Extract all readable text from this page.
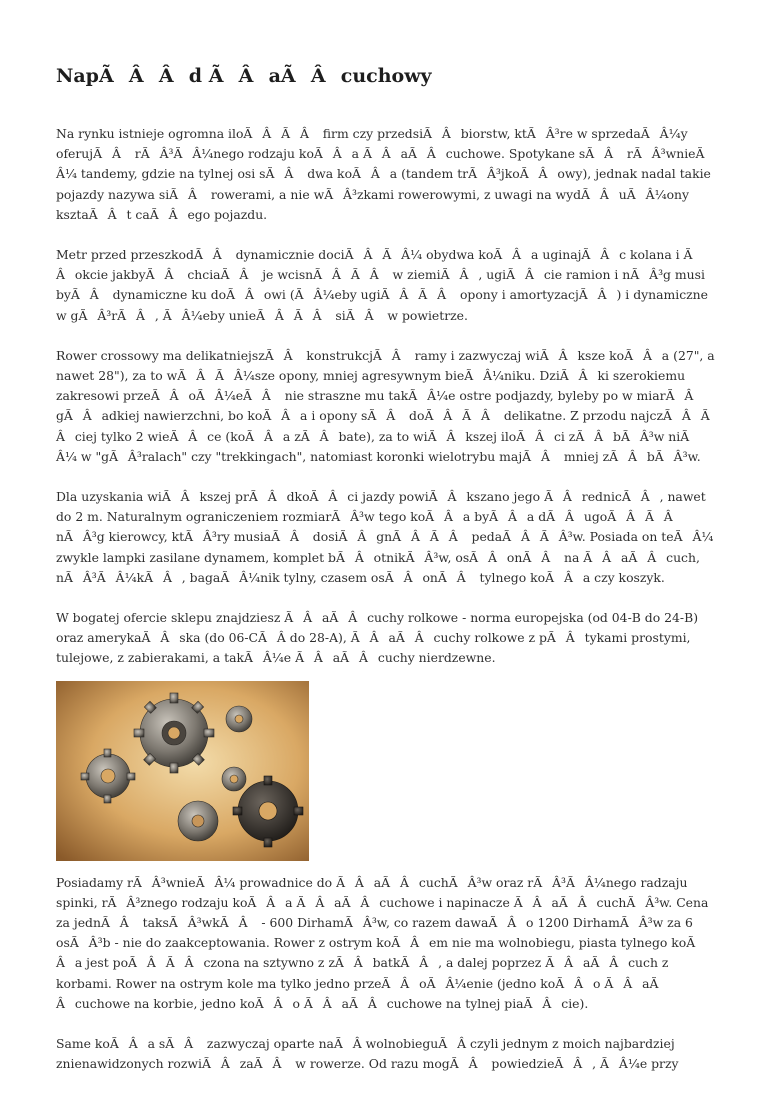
NapÃÂÂd ÃÂaÃÂcuchowy

Na rynku istnieje ogromna iloÃÂÃÂ firm czy przedsiÃÂbiorstw, ktÃÂ³re w sprzedaÃÂ¼y oferujÃÂ rÃÂ³ÃÂ¼nego rodzaju koÃÂa ÃÂaÃÂcuchowe. Spotykane sÃÂ rÃÂ³wnieÃÂ¼ tandemy, gdzie na tylnej osi sÃÂ dwa koÃÂa (tandem trÃÂ³jkoÃÂowy), jednak nadal takie pojazdy nazywa siÃÂ rowerami, a nie wÃÂ³zkami rowerowymi, z uwagi na wydÃÂuÃÂ¼ony ksztaÃÂt caÃÂego pojazdu.

Metr przed przeszkodÃÂ dynamicznie dociÃÂÃÂ¼ obydwa koÃÂa uginajÃÂc kolana i ÃÂokcie jakbyÃÂ chciaÃÂ je wcisnÃÂÃÂ w ziemiÃÂ, ugiÃÂcie ramion i nÃÂ³g musi byÃÂ dynamiczne ku doÃÂowi (ÃÂ¼eby ugiÃÂÃÂ opony i amortyzacjÃÂ) i dynamiczne w gÃÂ³rÃÂ, ÃÂ¼eby unieÃÂÃÂ siÃÂ w powietrze.

Rower crossowy ma delikatniejszÃÂ konstrukcjÃÂ ramy i zazwyczaj wiÃÂksze koÃÂa (27", a nawet 28"), za to wÃÂÃÂ¼sze opony, mniej agresywnym bieÃÂ¼niku. DziÃÂki szerokiemu zakresowi przeÃÂoÃÂ¼eÃÂ nie straszne mu takÃÂ¼e ostre podjazdy, byleby po w miarÃÂ gÃÂadkiej nawierzchni, bo koÃÂa i opony sÃÂ doÃÂÃÂ delikatne. Z przodu najczÃÂÃÂciej tylko 2 wieÃÂce (koÃÂa zÃÂbate), za to wiÃÂkszej iloÃÂci zÃÂbÃÂ³w niÃÂ¼ w "gÃÂ³ralach" czy "trekkingach", natomiast koronki wielotrybu majÃÂ mniej zÃÂbÃÂ³w.

Dla uzyskania wiÃÂkszej prÃÂdkoÃÂci jazdy powiÃÂkszano jego ÃÂrednicÃÂ, nawet do 2 m. Naturalnym ograniczeniem rozmiarÃÂ³w tego koÃÂa byÃÂa dÃÂugoÃÂÃÂ nÃÂ³g kierowcy, ktÃÂ³ry musiaÃÂ dosiÃÂgnÃÂÃÂ pedaÃÂÃÂ³w. Posiada on teÃÂ¼ zwykle lampki zasilane dynamem, komplet bÃÂotnikÃÂ³w, osÃÂonÃÂ na ÃÂaÃÂcuch, nÃÂ³ÃÂ¼kÃÂ, bagaÃÂ¼nik tylny, czasem osÃÂonÃÂ tylnego koÃÂa czy koszyk.

W bogatej ofercie sklepu znajdziesz ÃÂaÃÂcuchy rolkowe - norma europejska (od 04-B do 24-B) oraz amerykaÃÂska (do 06-CÃÂ do 28-A), ÃÂaÃÂcuchy rolkowe z pÃÂtykami prostymi, tulejowe, z zabierakami, a takÃÂ¼e ÃÂaÃÂcuchy nierdzewne.

Posiadamy rÃÂ³wnieÃÂ¼ prowadnice do ÃÂaÃÂcuchÃÂ³w oraz rÃÂ³ÃÂ¼nego radzaju spinki, rÃÂ³znego rodzaju koÃÂa ÃÂaÃÂcuchowe i napinacze ÃÂaÃÂcuchÃÂ³w. Cena za jednÃÂ taksÃÂ³wkÃÂ - 600 DirhamÃÂ³w, co razem dawaÃÂo 1200 DirhamÃÂ³w za 6 osÃÂ³b - nie do zaakceptowania. Rower z ostrym koÃÂem nie ma wolnobiegu, piasta tylnego koÃÂa jest poÃÂÃÂczona na sztywno z zÃÂbatkÃÂ, a dalej poprzez ÃÂaÃÂcuch z korbami. Rower na ostrym kole ma tylko jedno przeÃÂoÃÂ¼enie (jedno koÃÂo ÃÂaÃÂcuchowe na korbie, jedno koÃÂo ÃÂaÃÂcuchowe na tylnej piaÃÂcie).

Same koÃÂa sÃÂ zazwyczaj oparte naÃÂ wolnobieguÃÂ czyli jednym z moich najbardziej znienawidzonych rozwiÃÂzaÃÂ w rowerze. Od razu mogÃÂ powiedzieÃÂ, ÃÂ¼e przy
